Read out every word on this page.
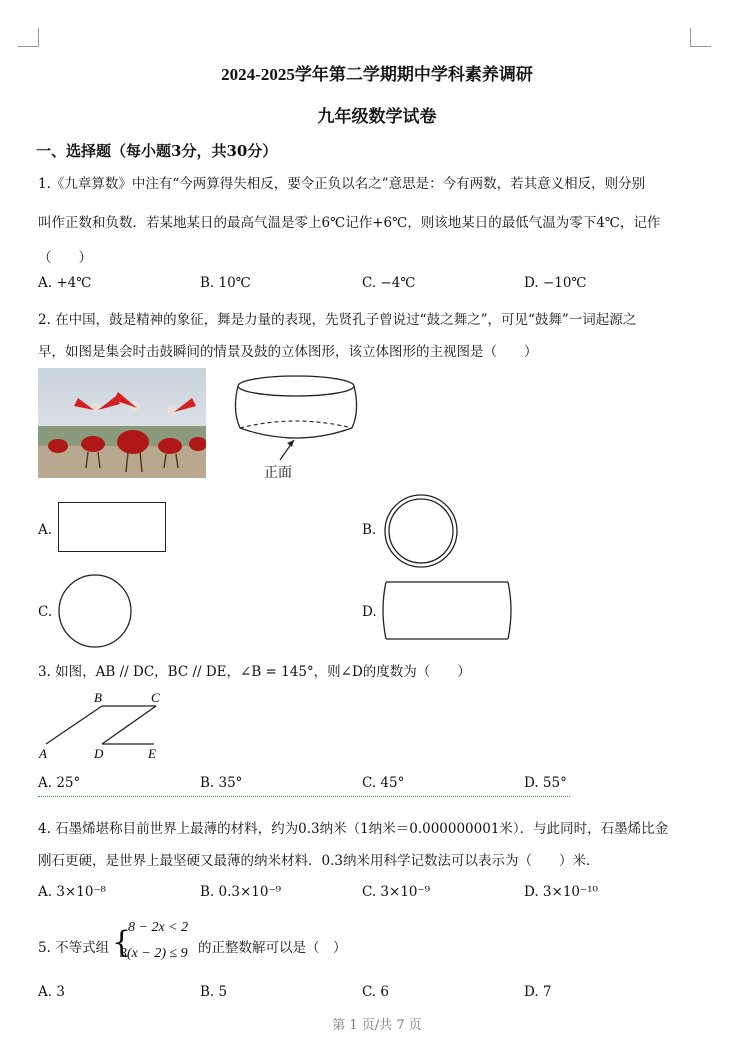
2024-2025学年第二学期期中学科素养调研
九年级数学试卷
一、选择题（每小题3分，共30分）
1.《九章算数》中注有“今两算得失相反，要令正负以名之”意思是：今有两数，若其意义相反，则分别
叫作正数和负数．若某地某日的最高气温是零上6℃记作+6℃，则该地某日的最低气温为零下4℃，记作
（　　）
A. +4℃	B. 10℃	C. −4℃	D. −10℃
2. 在中国，鼓是精神的象征，舞是力量的表现，先贤孔子曾说过“鼓之舞之”，可见“鼓舞”一词起源之
早，如图是集会时击鼓瞬间的情景及鼓的立体图形，该立体图形的主视图是（　　）
正面
A.	B.
C.	D.
3. 如图，AB // DC，BC // DE，∠B = 145°，则∠D的度数为（　　）
B	C
A	D	E
A. 25°	B. 35°	C. 45°	D. 55°
4. 石墨烯堪称目前世界上最薄的材料，约为0.3纳米（1纳米＝0.000000001米）．与此同时，石墨烯比金
刚石更硬，是世界上最坚硬又最薄的纳米材料．0.3纳米用科学记数法可以表示为（　　）米．
A. 3×10⁻⁸	B. 0.3×10⁻⁹	C. 3×10⁻⁹	D. 3×10⁻¹⁰
5. 不等式组 {
8 − 2x < 2
3(x − 2) ≤ 9 的正整数解可以是（　）
A. 3	B. 5	C. 6	D. 7
第 1 页/共 7 页
